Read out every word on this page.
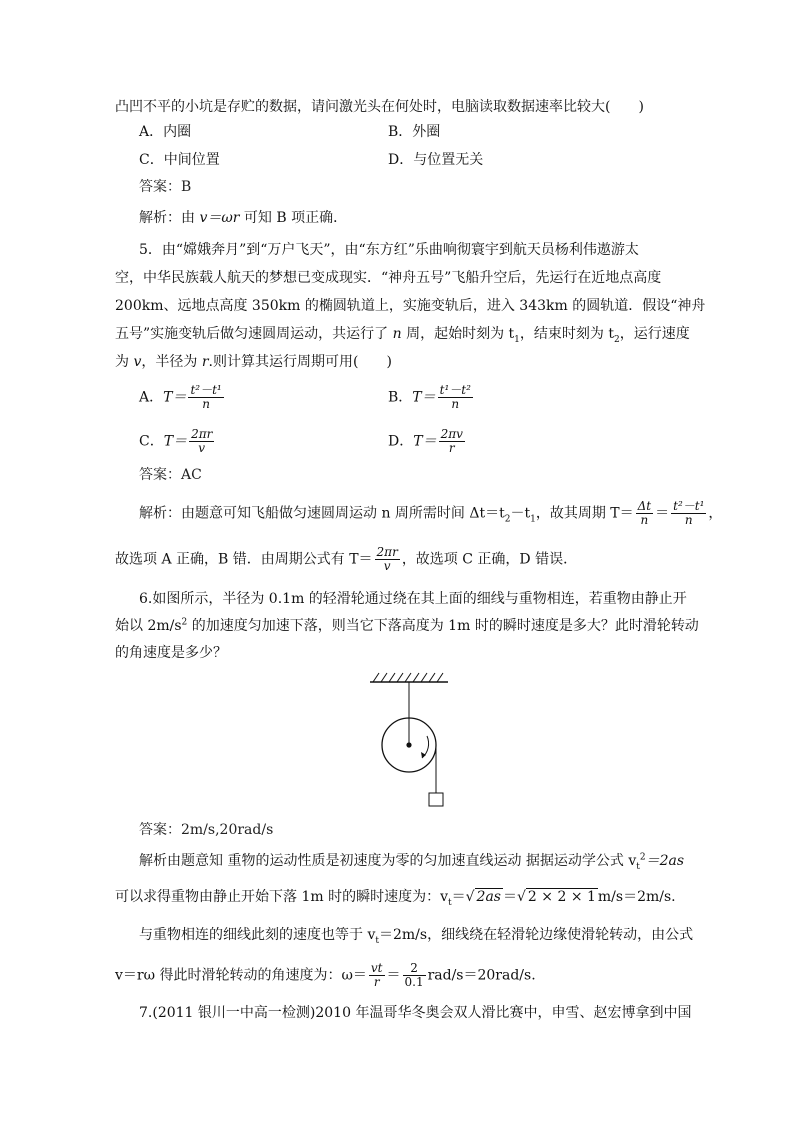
凸凹不平的小坑是存贮的数据，请问激光头在何处时，电脑读取数据速率比较大(　　)
A．内圈	B．外圈
C．中间位置	D．与位置无关
答案：B
解析：由 v＝ωr 可知 B 项正确．
5．由“嫦娥奔月”到“万户飞天”，由“东方红”乐曲响彻寰宇到航天员杨利伟遨游太
空，中华民族载人航天的梦想已变成现实．“神舟五号”飞船升空后，先运行在近地点高度
200km、远地点高度 350km 的椭圆轨道上，实施变轨后，进入 343km 的圆轨道．假设“神舟
五号”实施变轨后做匀速圆周运动，共运行了 n 周，起始时刻为 $t_1$，结束时刻为 $t_2$，运行速度
为 v，半径为 r.则计算其运行周期可用(　　)
A．$T= \frac{\text{t²－t¹}}{n}$	B．$T= \frac{\text{t¹－t²}}{n}$
C．$T= \frac{2\pi r}{v}$	D．$T= \frac{2\pi v}{r}$
答案：AC
解析：由题意可知飞船做匀速圆周运动 n 周所需时间 $\Delta t=t_2-t_1$，故其周期 $T= \frac{\Delta t}{n} = \frac{\text{t²－t¹}}{n}$ ，
故选项 A 正确，B 错．由周期公式有 $T= \frac{2\pi r}{v}$ ，故选项 C 正确，D 错误．
6.如图所示，半径为 0.1m 的轻滑轮通过绕在其上面的细线与重物相连，若重物由静止开
始以 $2m/s^2$ 的加速度匀加速下落，则当它下落高度为 1m 时的瞬时速度是多大？此时滑轮转动
的角速度是多少？
答案：2m/s,20rad/s
解析由题意知 重物的运动性质是初速度为零的匀加速直线运动 据据运动学公式 $v_t^2=2as$
可以求得重物由静止开始下落 1m 时的瞬时速度为：$v_t=√$ 2as ＝√ 2 × 2 × 1 m/s＝2m/s.
与重物相连的细线此刻的速度也等于 $v_t=2m/s$，细线绕在轻滑轮边缘使滑轮转动，由公式
v＝rω 得此时滑轮转动的角速度为：$\omega= \frac{vt}{r} = \frac{2}{0.1} rad/s=20rad/s$.
7.(2011 银川一中高一检测)2010 年温哥华冬奥会双人滑比赛中，申雪、赵宏博拿到中国
